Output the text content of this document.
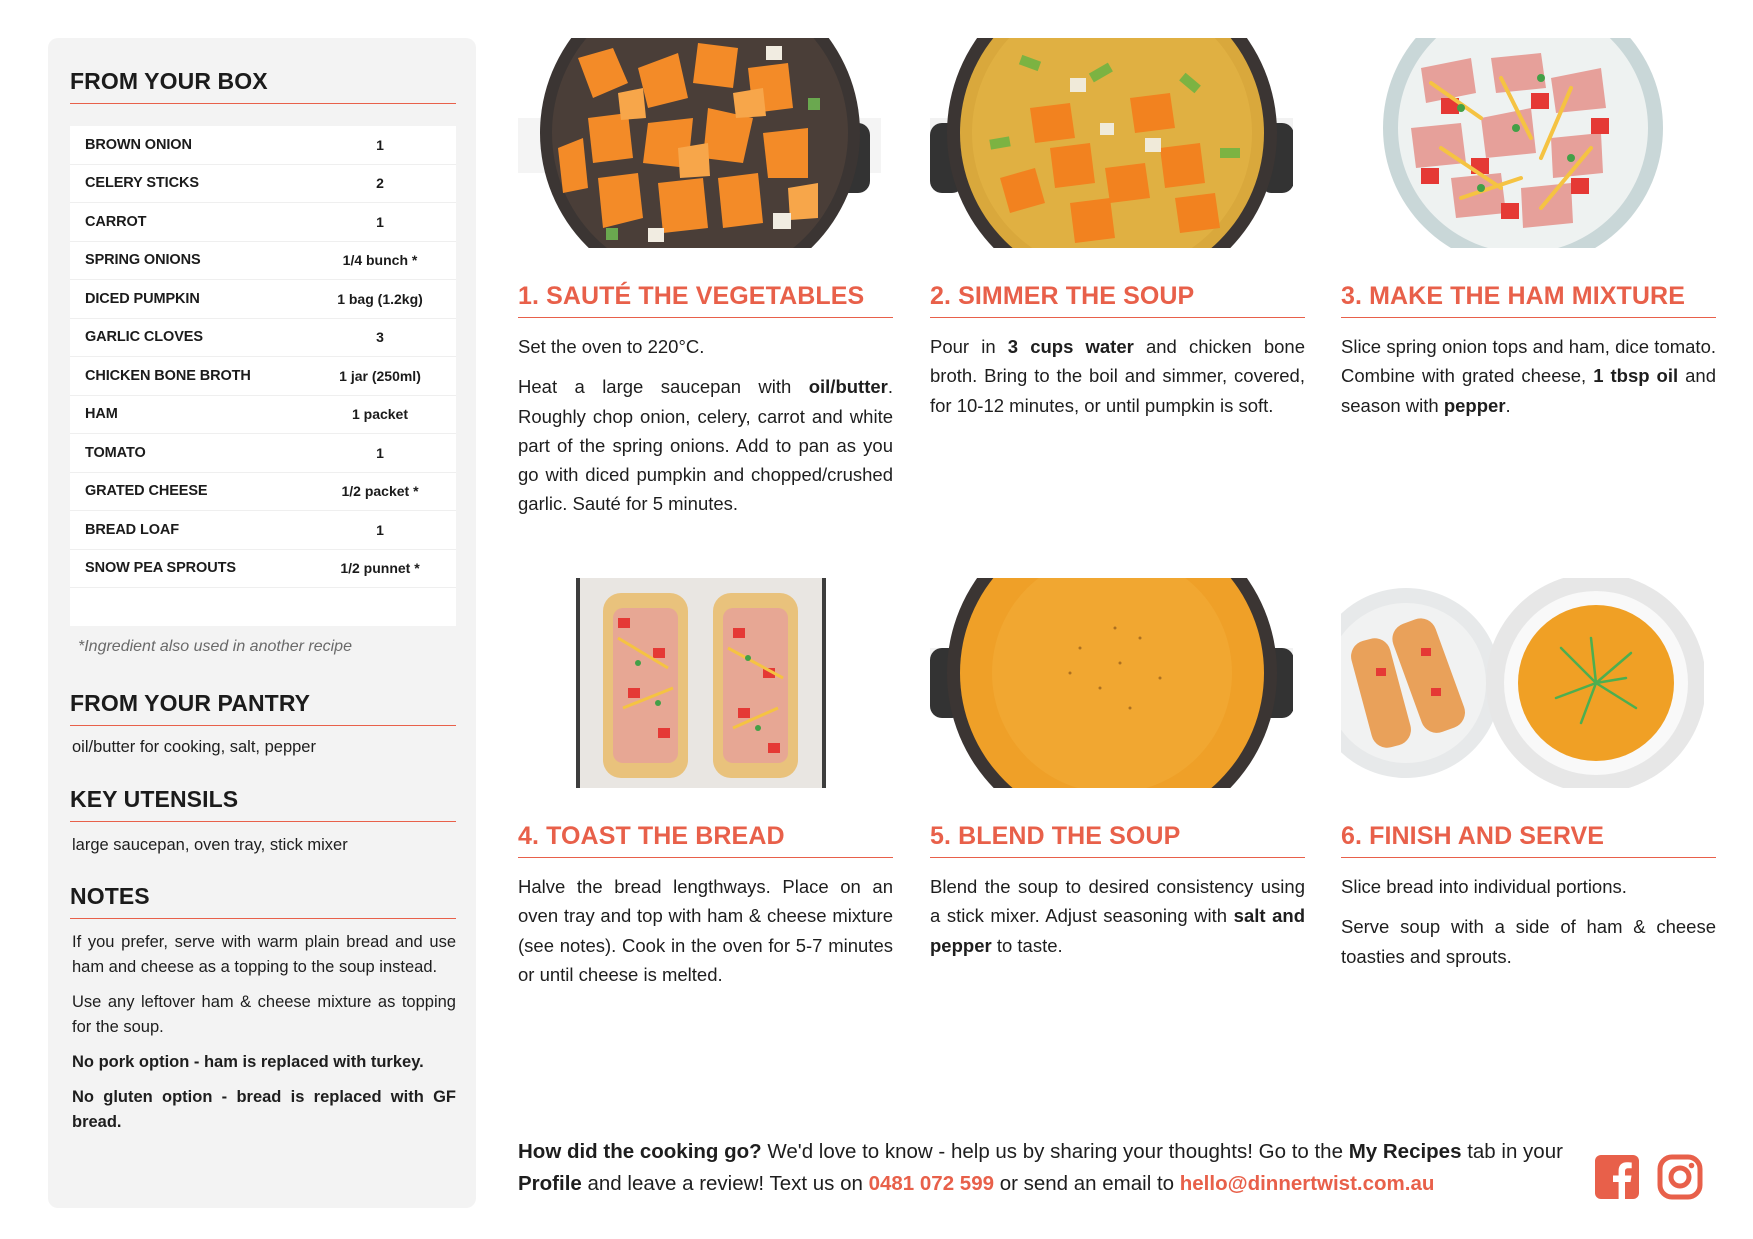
FROM YOUR BOX
BROWN ONION	1
CELERY STICKS	2
CARROT	1
SPRING ONIONS	1/4 bunch *
DICED PUMPKIN	1 bag (1.2kg)
GARLIC CLOVES	3
CHICKEN BONE BROTH	1 jar (250ml)
HAM	1 packet
TOMATO	1
GRATED CHEESE	1/2 packet *
BREAD LOAF	1
SNOW PEA SPROUTS	1/2 punnet *
*Ingredient also used in another recipe
FROM YOUR PANTRY
oil/butter for cooking, salt, pepper
KEY UTENSILS
large saucepan, oven tray, stick mixer
NOTES

If you prefer, serve with warm plain bread and use ham and cheese as a topping to the soup instead.

Use any leftover ham & cheese mixture as topping for the soup.

No pork option - ham is replaced with turkey.

No gluten option - bread is replaced with GF bread.

1. SAUTÉ THE VEGETABLES

Set the oven to 220°C.

Heat a large saucepan with oil/butter. Roughly chop onion, celery, carrot and white part of the spring onions. Add to pan as you go with diced pumpkin and chopped/crushed garlic. Sauté for 5 minutes.

2. SIMMER THE SOUP

Pour in 3 cups water and chicken bone broth. Bring to the boil and simmer, covered, for 10-12 minutes, or until pumpkin is soft.

3. MAKE THE HAM MIXTURE

Slice spring onion tops and ham, dice tomato. Combine with grated cheese, 1 tbsp oil and season with pepper.

4. TOAST THE BREAD

Halve the bread lengthways. Place on an oven tray and top with ham & cheese mixture (see notes). Cook in the oven for 5-7 minutes or until cheese is melted.

5. BLEND THE SOUP

Blend the soup to desired consistency using a stick mixer. Adjust seasoning with salt and pepper to taste.

6. FINISH AND SERVE

Slice bread into individual portions.

Serve soup with a side of ham & cheese toasties and sprouts.

How did the cooking go? We'd love to know - help us by sharing your thoughts! Go to the My Recipes tab in your Profile and leave a review! Text us on 0481 072 599 or send an email to hello@dinnertwist.com.au
